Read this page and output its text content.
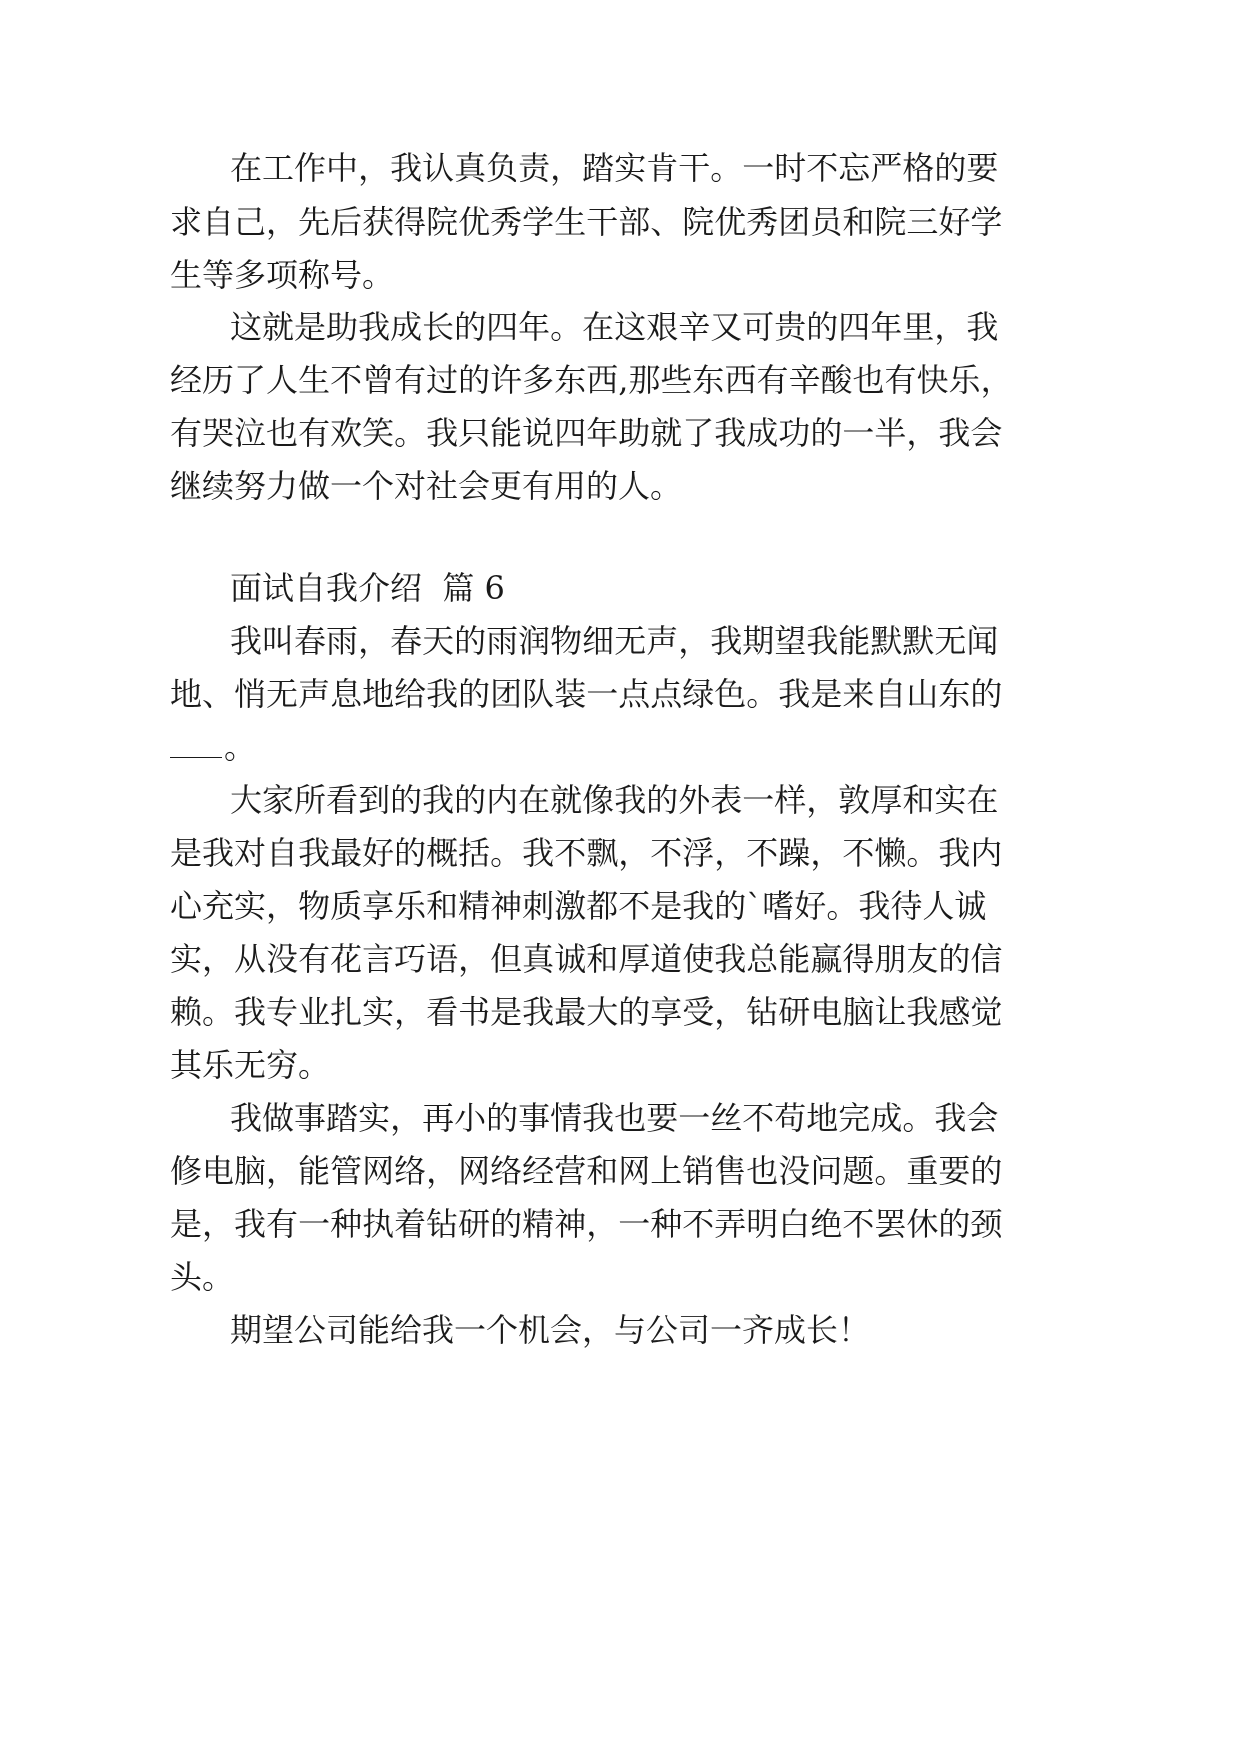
在 工 作 中 ， 我 认 真 负 责 ， 踏 实 肯 干 。 一 时 不 忘 严 格 的 要
求 自 己 ， 先 后 获 得 院 优 秀 学 生 干 部 、 院 优 秀 团 员 和 院 三 好 学
生等多项称号。
这 就 是 助 我 成 长 的 四 年 。 在 这 艰 辛 又 可 贵 的 四 年 里 ， 我
经 历 了 人 生 不 曾 有 过 的 许 多 东 西 , 那 些 东 西 有 辛 酸 也 有 快 乐 ，
有 哭 泣 也 有 欢 笑 。 我 只 能 说 四 年 助 就 了 我 成 功 的 一 半 ， 我 会
继续努力做一个对社会更有用的人。
面试自我介绍  篇 6
我 叫 春 雨 ， 春 天 的 雨 润 物 细 无 声 ， 我 期 望 我 能 默 默 无 闻
地 、 悄 无 声 息 地 给 我 的 团 队 装 一 点 点 绿 色 。 我 是 来 自 山 东 的
。
大 家 所 看 到 的 我 的 内 在 就 像 我 的 外 表 一 样 ， 敦 厚 和 实 在
是 我 对 自 我 最 好 的 概 括 。 我 不 飘 ， 不 浮 ， 不 躁 ， 不 懒 。 我 内
心 充 实 ， 物 质 享 乐 和 精 神 刺 激 都 不 是 我 的 ` 嗜 好 。 我 待 人 诚
实 ， 从 没 有 花 言 巧 语 ， 但 真 诚 和 厚 道 使 我 总 能 赢 得 朋 友 的 信
赖 。 我 专 业 扎 实 ， 看 书 是 我 最 大 的 享 受 ， 钻 研 电 脑 让 我 感 觉
其乐无穷。
我 做 事 踏 实 ， 再 小 的 事 情 我 也 要 一 丝 不 苟 地 完 成 。 我 会
修 电 脑 ， 能 管 网 络 ， 网 络 经 营 和 网 上 销 售 也 没 问 题 。 重 要 的
是 ， 我 有 一 种 执 着 钻 研 的 精 神 ， 一 种 不 弄 明 白 绝 不 罢 休 的 颈
头。
期望公司能给我一个机会，与公司一齐成长！
